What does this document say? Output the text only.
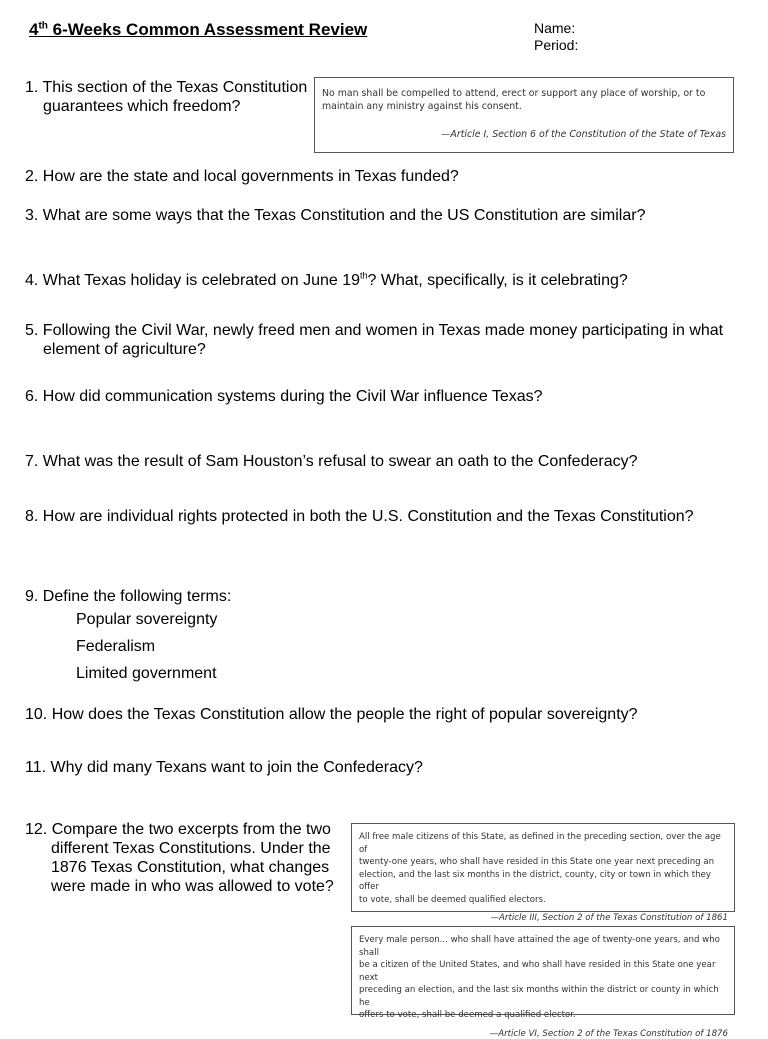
4th 6-Weeks Common Assessment Review	Name:
Period:
1. This section of the Texas Constitution
guarantees which freedom?
No man shall be compelled to attend, erect or support any place of worship, or to
maintain any ministry against his consent.
—Article I, Section 6 of the Constitution of the State of Texas
2. How are the state and local governments in Texas funded?
3. What are some ways that the Texas Constitution and the US Constitution are similar?
4. What Texas holiday is celebrated on June 19th? What, specifically, is it celebrating?
5. Following the Civil War, newly freed men and women in Texas made money participating in what
element of agriculture?
6. How did communication systems during the Civil War influence Texas?
7. What was the result of Sam Houston’s refusal to swear an oath to the Confederacy?
8. How are individual rights protected in both the U.S. Constitution and the Texas Constitution?
9. Define the following terms:
Popular sovereignty
Federalism
Limited government
10. How does the Texas Constitution allow the people the right of popular sovereignty?
11. Why did many Texans want to join the Confederacy?
12. Compare the two excerpts from the two
different Texas Constitutions. Under the
1876 Texas Constitution, what changes
were made in who was allowed to vote?
All free male citizens of this State, as defined in the preceding section, over the age of
twenty-one years, who shall have resided in this State one year next preceding an
election, and the last six months in the district, county, city or town in which they offer
to vote, shall be deemed qualified electors.
—Article III, Section 2 of the Texas Constitution of 1861
Every male person... who shall have attained the age of twenty-one years, and who shall
be a citizen of the United States, and who shall have resided in this State one year next
preceding an election, and the last six months within the district or county in which he
offers to vote, shall be deemed a qualified elector.
—Article VI, Section 2 of the Texas Constitution of 1876
